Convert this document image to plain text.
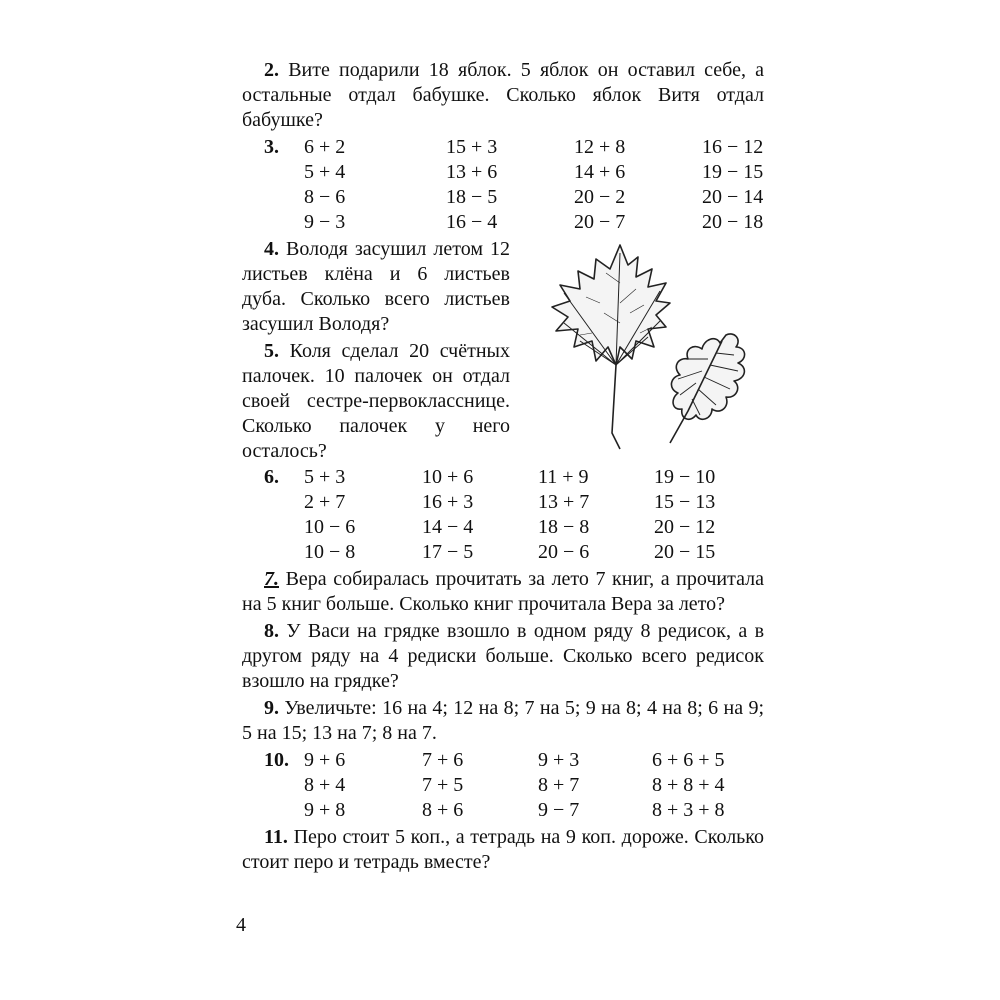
2. Вите подарили 18 яблок. 5 яблок он оставил себе, а остальные отдал бабушке. Сколько яблок Витя отдал бабушке?
3.	6 + 2	15 + 3	12 + 8	16 − 12
5 + 4	13 + 6	14 + 6	19 − 15
8 − 6	18 − 5	20 − 2	20 − 14
9 − 3	16 − 4	20 − 7	20 − 18
4. Володя засушил летом 12 листьев клёна и 6 листьев дуба. Сколько всего листьев засушил Володя?
5. Коля сделал 20 счётных палочек. 10 палочек он отдал своей сестре-первокласснице. Сколько палочек у него осталось?
6.	5 + 3	10 + 6	11 + 9	19 − 10
2 + 7	16 + 3	13 + 7	15 − 13
10 − 6	14 − 4	18 − 8	20 − 12
10 − 8	17 − 5	20 − 6	20 − 15
7. Вера собиралась прочитать за лето 7 книг, а прочитала на 5 книг больше. Сколько книг прочитала Вера за лето?
8. У Васи на грядке взошло в одном ряду 8 редисок, а в другом ряду на 4 редиски больше. Сколько всего редисок взошло на грядке?
9. Увеличьте: 16 на 4; 12 на 8; 7 на 5; 9 на 8; 4 на 8; 6 на 9; 5 на 15; 13 на 7; 8 на 7.
10. 9 + 6	7 + 6	9 + 3	6 + 6 + 5
8 + 4	7 + 5	8 + 7	8 + 8 + 4
9 + 8	8 + 6	9 − 7	8 + 3 + 8
11. Перо стоит 5 коп., а тетрадь на 9 коп. дороже. Сколько стоит перо и тетрадь вместе?
4
